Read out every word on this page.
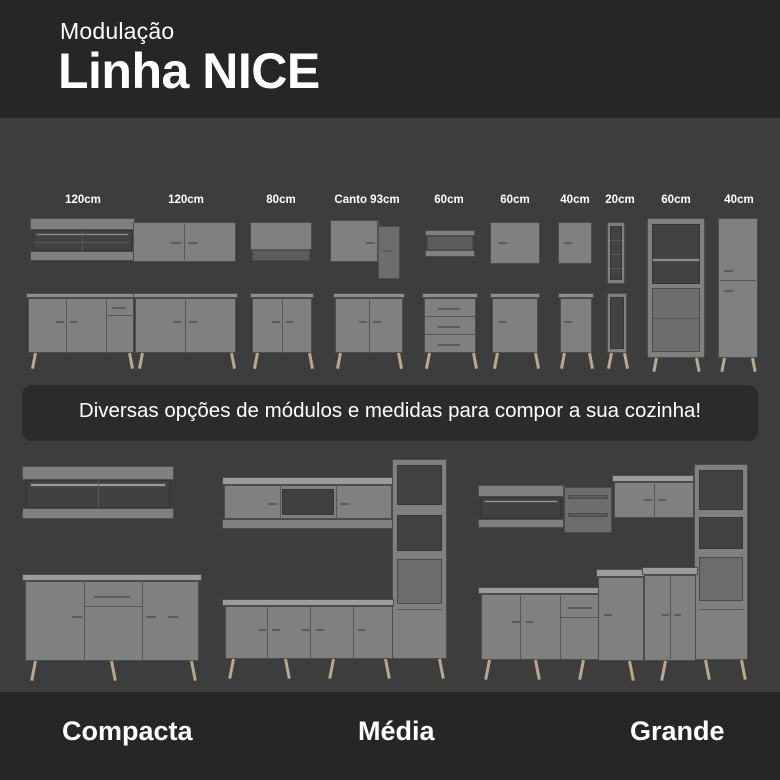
Modulação
Linha NICE
120cm	120cm	80cm	Canto 93cm	60cm	60cm	40cm	20cm	60cm	40cm
Diversas opções de módulos e medidas para compor a sua cozinha!
Compacta	Média	Grande
